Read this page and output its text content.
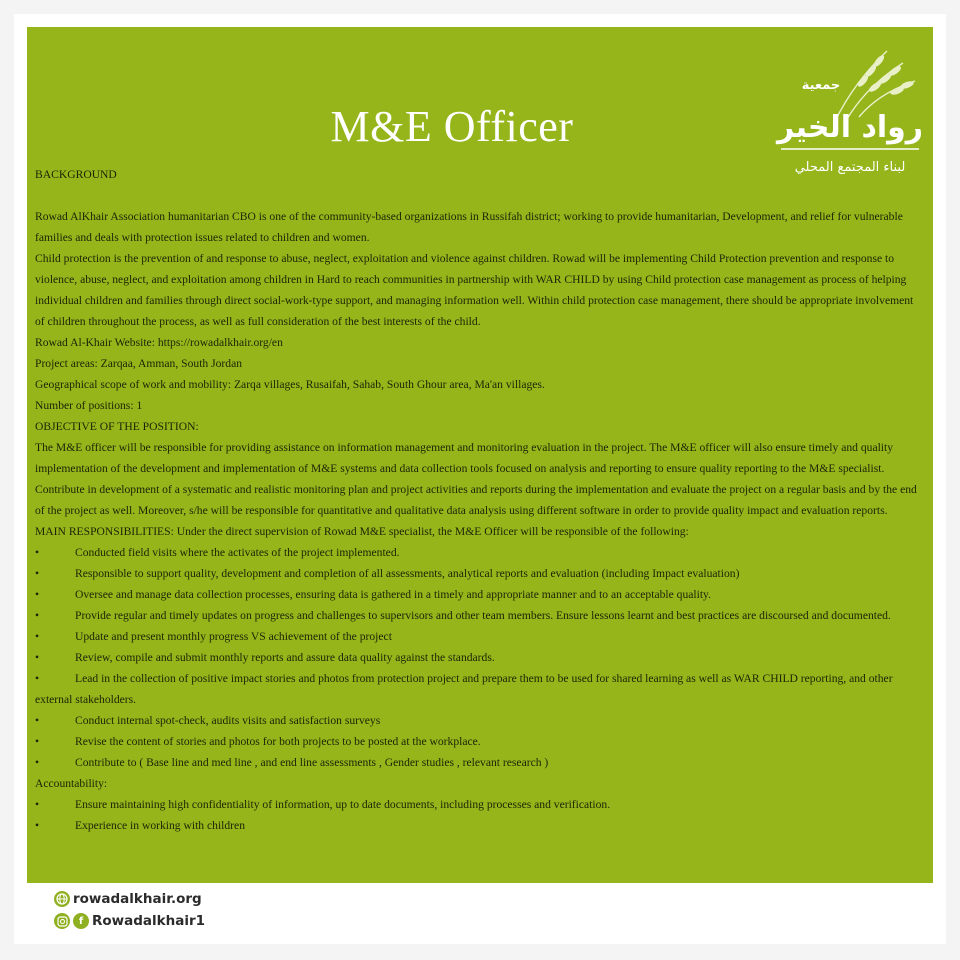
M&E Officer
جمعية
رواد الخير
لبناء المجتمع المحلي

BACKGROUND

Rowad AlKhair Association humanitarian CBO is one of the community-based organizations in Russifah district; working to provide humanitarian, Development, and relief for vulnerable families and deals with protection issues related to children and women.

Child protection is the prevention of and response to abuse, neglect, exploitation and violence against children. Rowad will be implementing Child Protection prevention and response to violence, abuse, neglect, and exploitation among children in Hard to reach communities in partnership with WAR CHILD by using Child protection case management as process of helping individual children and families through direct social-work-type support, and managing information well. Within child protection case management, there should be appropriate involvement of children throughout the process, as well as full consideration of the best interests of the child.

Rowad Al-Khair Website: https://rowadalkhair.org/en

Project areas: Zarqaa, Amman, South Jordan

Geographical scope of work and mobility: Zarqa villages, Rusaifah, Sahab, South Ghour area, Ma'an villages.

Number of positions: 1

OBJECTIVE OF THE POSITION:

The M&E officer will be responsible for providing assistance on information management and monitoring evaluation in the project. The M&E officer will also ensure timely and quality implementation of the development and implementation of M&E systems and data collection tools focused on analysis and reporting to ensure quality reporting to the M&E specialist. Contribute in development of a systematic and realistic monitoring plan and project activities and reports during the implementation and evaluate the project on a regular basis and by the end of the project as well. Moreover, s/he will be responsible for quantitative and qualitative data analysis using different software in order to provide quality impact and evaluation reports.

MAIN RESPONSIBILITIES: Under the direct supervision of Rowad M&E specialist, the M&E Officer will be responsible of the following:

•	Conducted field visits where the activates of the project implemented.

•	Responsible to support quality, development and completion of all assessments, analytical reports and evaluation (including Impact evaluation)

•	Oversee and manage data collection processes, ensuring data is gathered in a timely and appropriate manner and to an acceptable quality.

•	Provide regular and timely updates on progress and challenges to supervisors and other team members. Ensure lessons learnt and best practices are discoursed and documented.

•	Update and present monthly progress VS achievement of the project

•	Review, compile and submit monthly reports and assure data quality against the standards.

•	Lead in the collection of positive impact stories and photos from protection project and prepare them to be used for shared learning as well as WAR CHILD reporting, and other external stakeholders.

•	Conduct internal spot-check, audits visits and satisfaction surveys

•	Revise the content of stories and photos for both projects to be posted at the workplace.

•	Contribute to ( Base line and med line , and end line assessments , Gender studies , relevant research )

Accountability:

•	Ensure maintaining high confidentiality of information, up to date documents, including processes and verification.

•	Experience in working with children

rowadalkhair.org
f Rowadalkhair1
